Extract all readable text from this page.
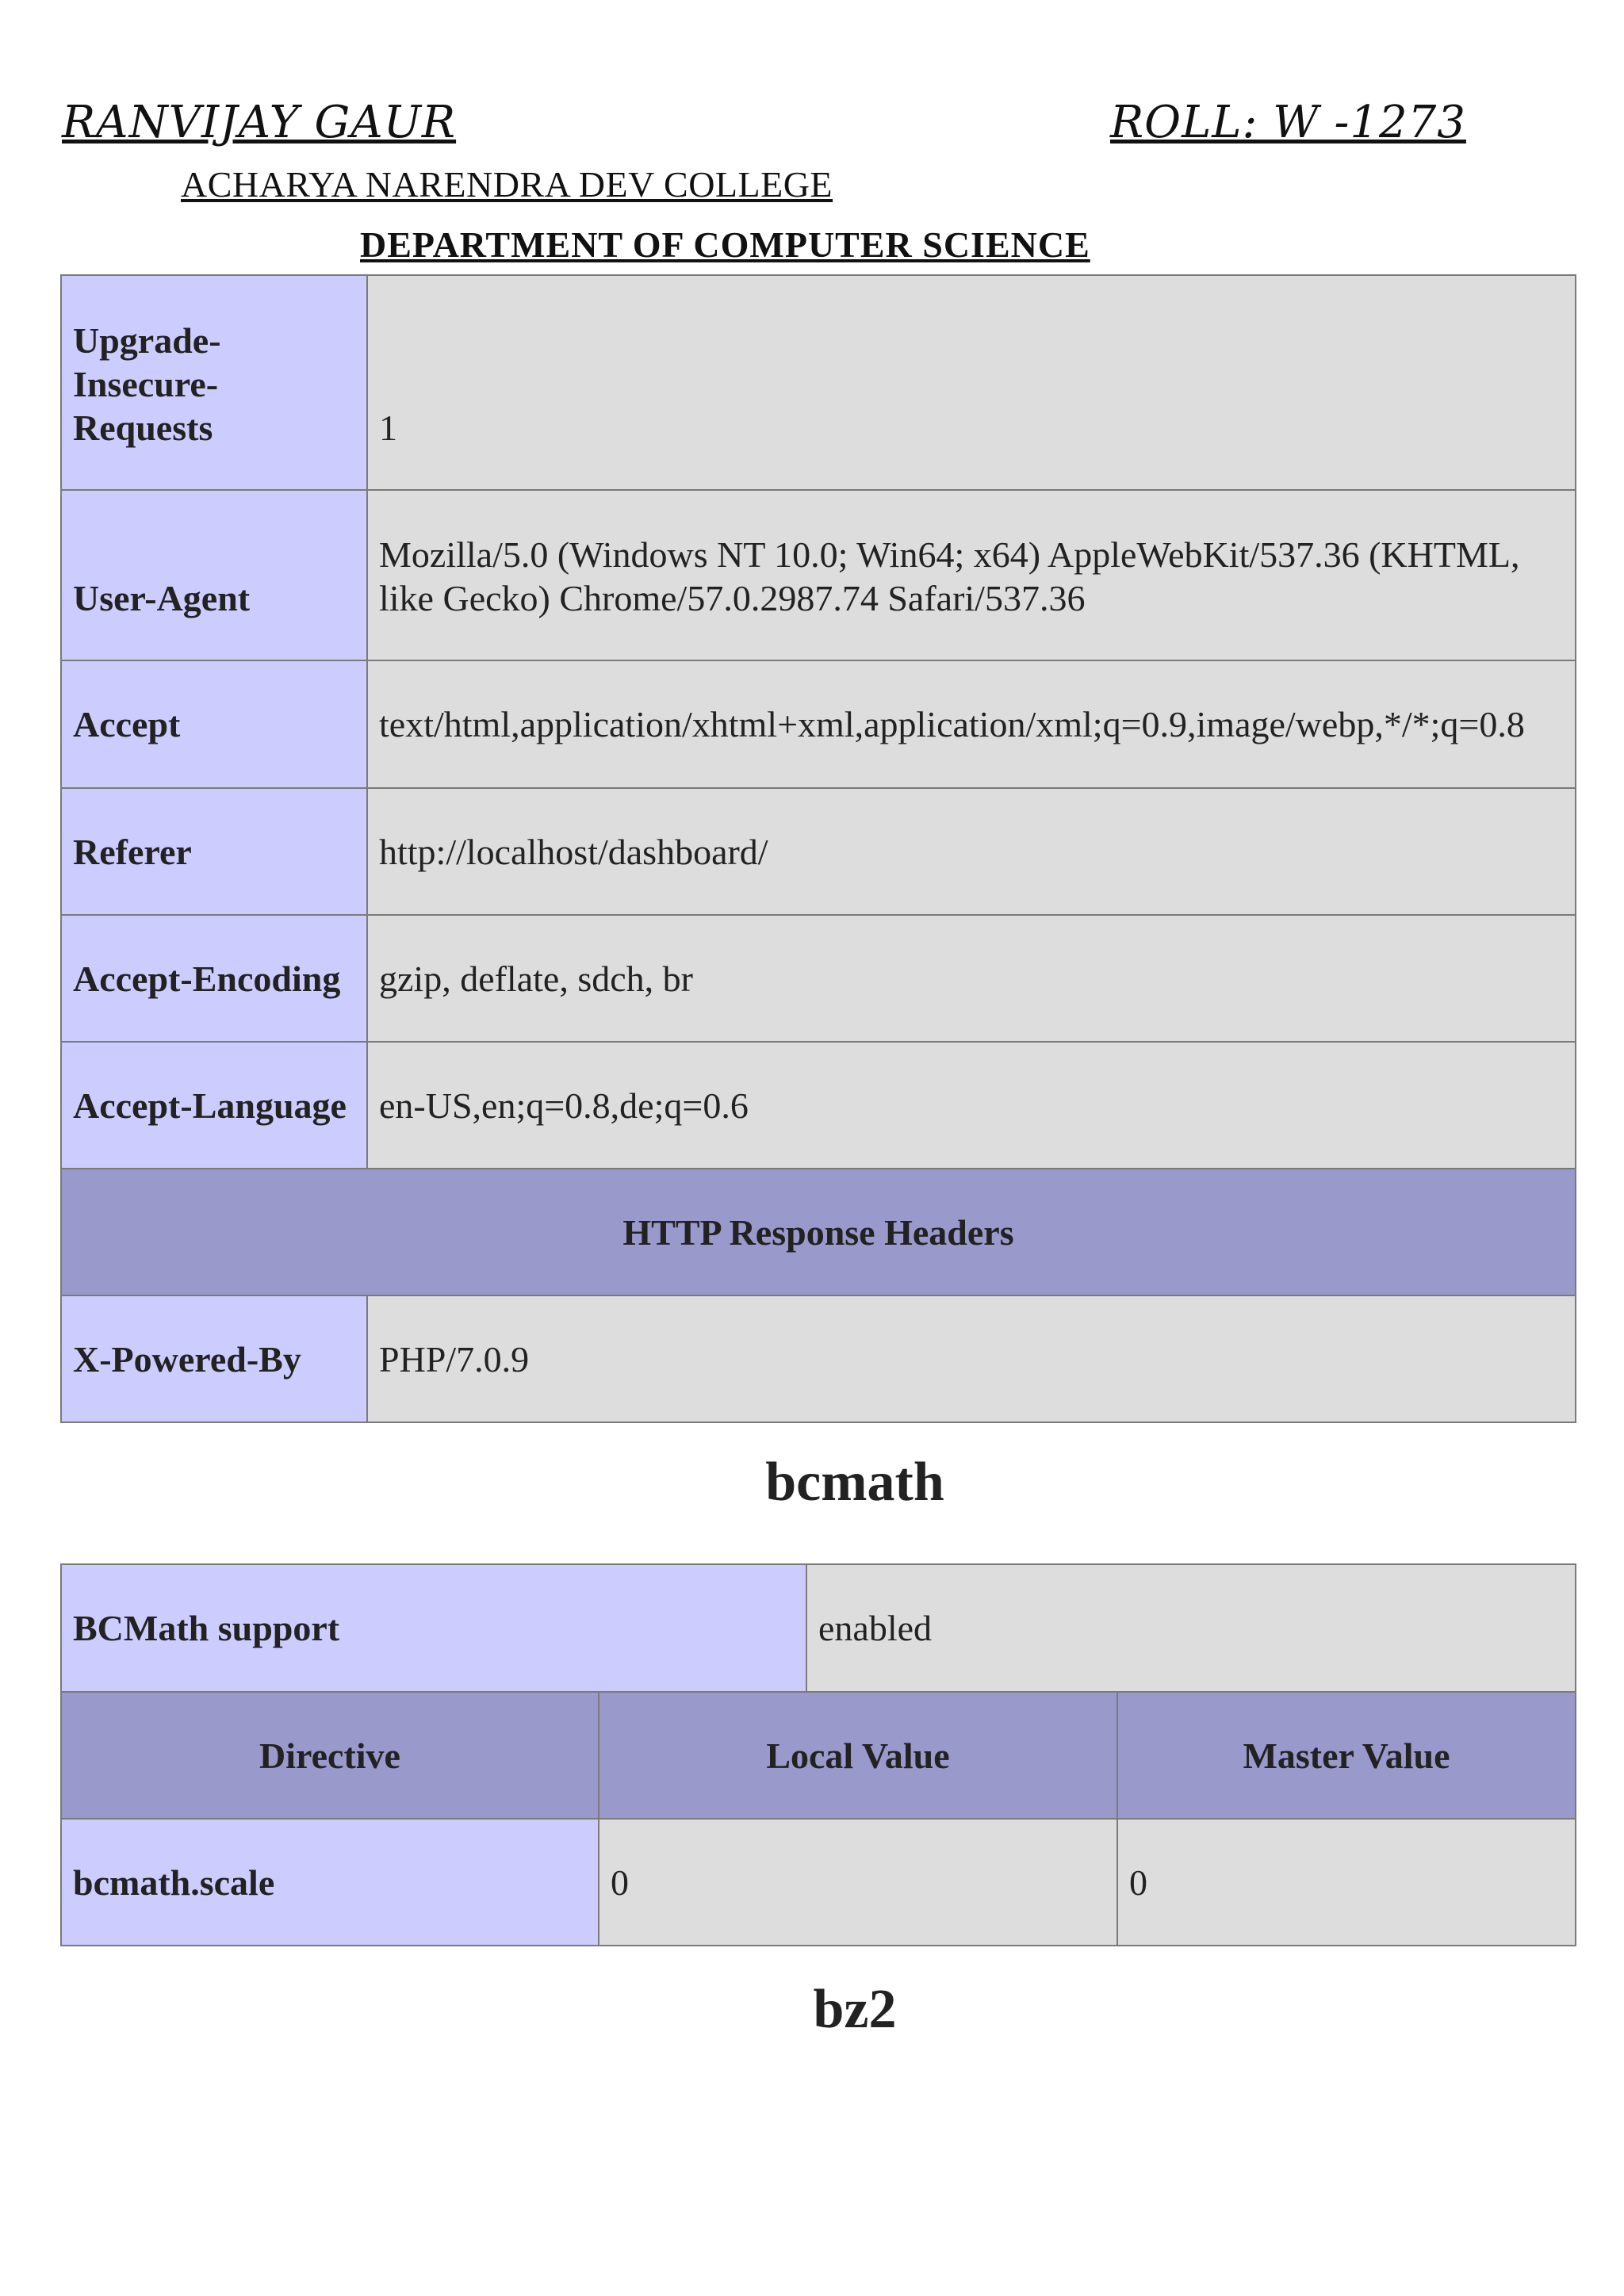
RANVIJAY GAUR	ROLL: W -1273
ACHARYA NARENDRA DEV COLLEGE
DEPARTMENT OF COMPUTER SCIENCE
Upgrade-Insecure-Requests	1
User-Agent	Mozilla/5.0 (Windows NT 10.0; Win64; x64) AppleWebKit/537.36 (KHTML, like Gecko) Chrome/57.0.2987.74 Safari/537.36
Accept	text/html,application/xhtml+xml,application/xml;q=0.9,image/webp,*/*;q=0.8
Referer	http://localhost/dashboard/
Accept-Encoding	gzip, deflate, sdch, br
Accept-Language	en-US,en;q=0.8,de;q=0.6
HTTP Response Headers	
X-Powered-By	PHP/7.0.9
bcmath
BCMath support	enabled
Directive	Local Value	Master Value
bcmath.scale	0	0
bz2
